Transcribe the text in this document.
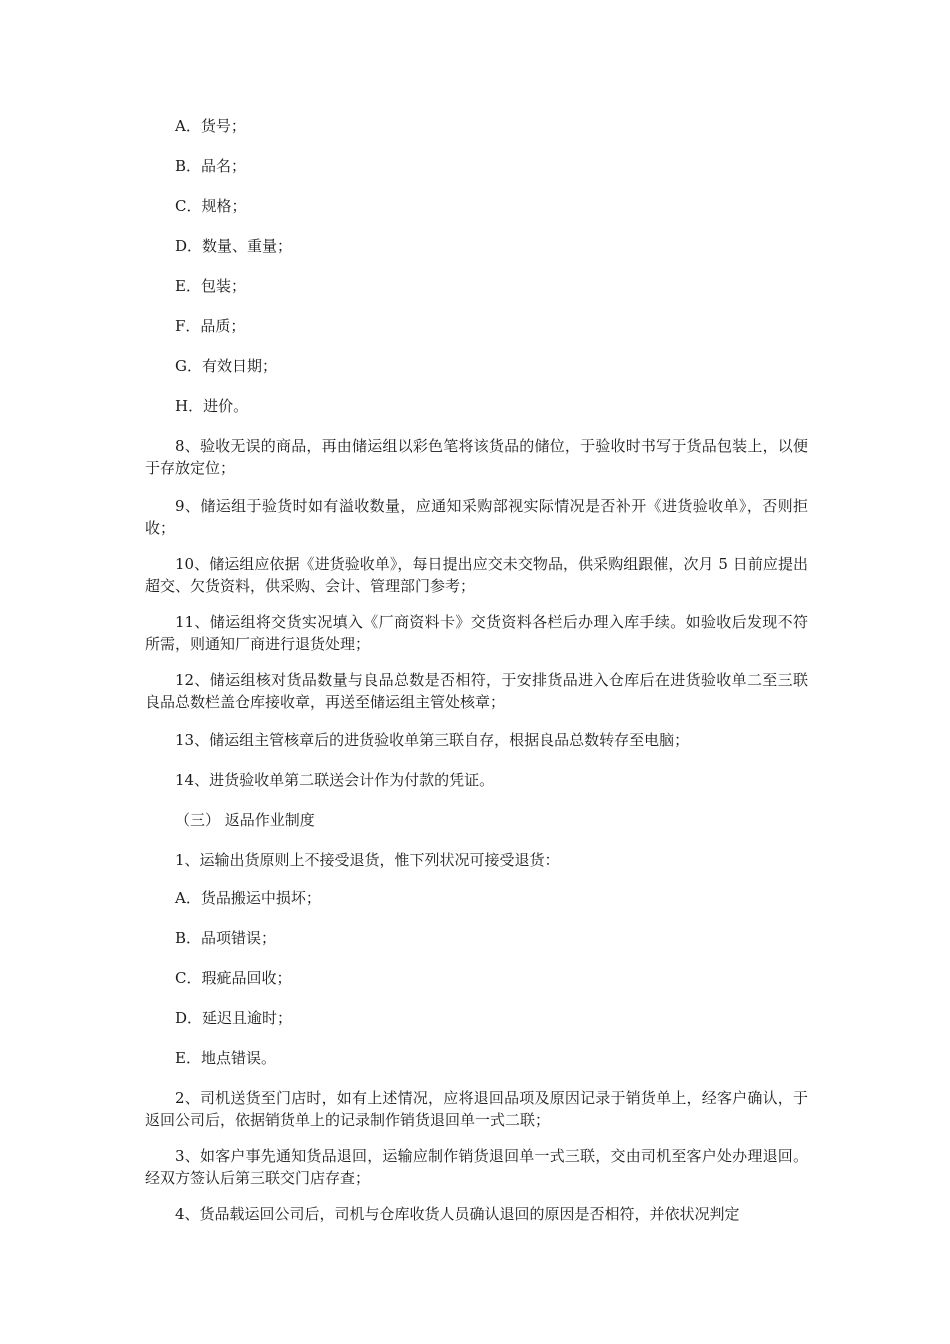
A．货号；

B．品名；

C．规格；

D．数量、重量；

E．包装；

F．品质；

G．有效日期；

H．进价。

8、验收无误的商品，再由储运组以彩色笔将该货品的储位，于验收时书写于货品包装上，以便于存放定位；

9、储运组于验货时如有溢收数量，应通知采购部视实际情况是否补开《进货验收单》，否则拒收；

10、储运组应依据《进货验收单》，每日提出应交未交物品，供采购组跟催，次月 5 日前应提出超交、欠货资料，供采购、会计、管理部门参考；

11、储运组将交货实况填入《厂商资料卡》交货资料各栏后办理入库手续。如验收后发现不符所需，则通知厂商进行退货处理；

12、储运组核对货品数量与良品总数是否相符，于安排货品进入仓库后在进货验收单二至三联良品总数栏盖仓库接收章，再送至储运组主管处核章；

13、储运组主管核章后的进货验收单第三联自存，根据良品总数转存至电脑；

14、进货验收单第二联送会计作为付款的凭证。

（三） 返品作业制度

1、运输出货原则上不接受退货，惟下列状况可接受退货：

A．货品搬运中损坏；

B．品项错误；

C．瑕疵品回收；

D．延迟且逾时；

E．地点错误。

2、司机送货至门店时，如有上述情况，应将退回品项及原因记录于销货单上，经客户确认，于返回公司后，依据销货单上的记录制作销货退回单一式二联；

3、如客户事先通知货品退回，运输应制作销货退回单一式三联，交由司机至客户处办理退回。经双方签认后第三联交门店存查；

4、货品载运回公司后，司机与仓库收货人员确认退回的原因是否相符，并依状况判定
